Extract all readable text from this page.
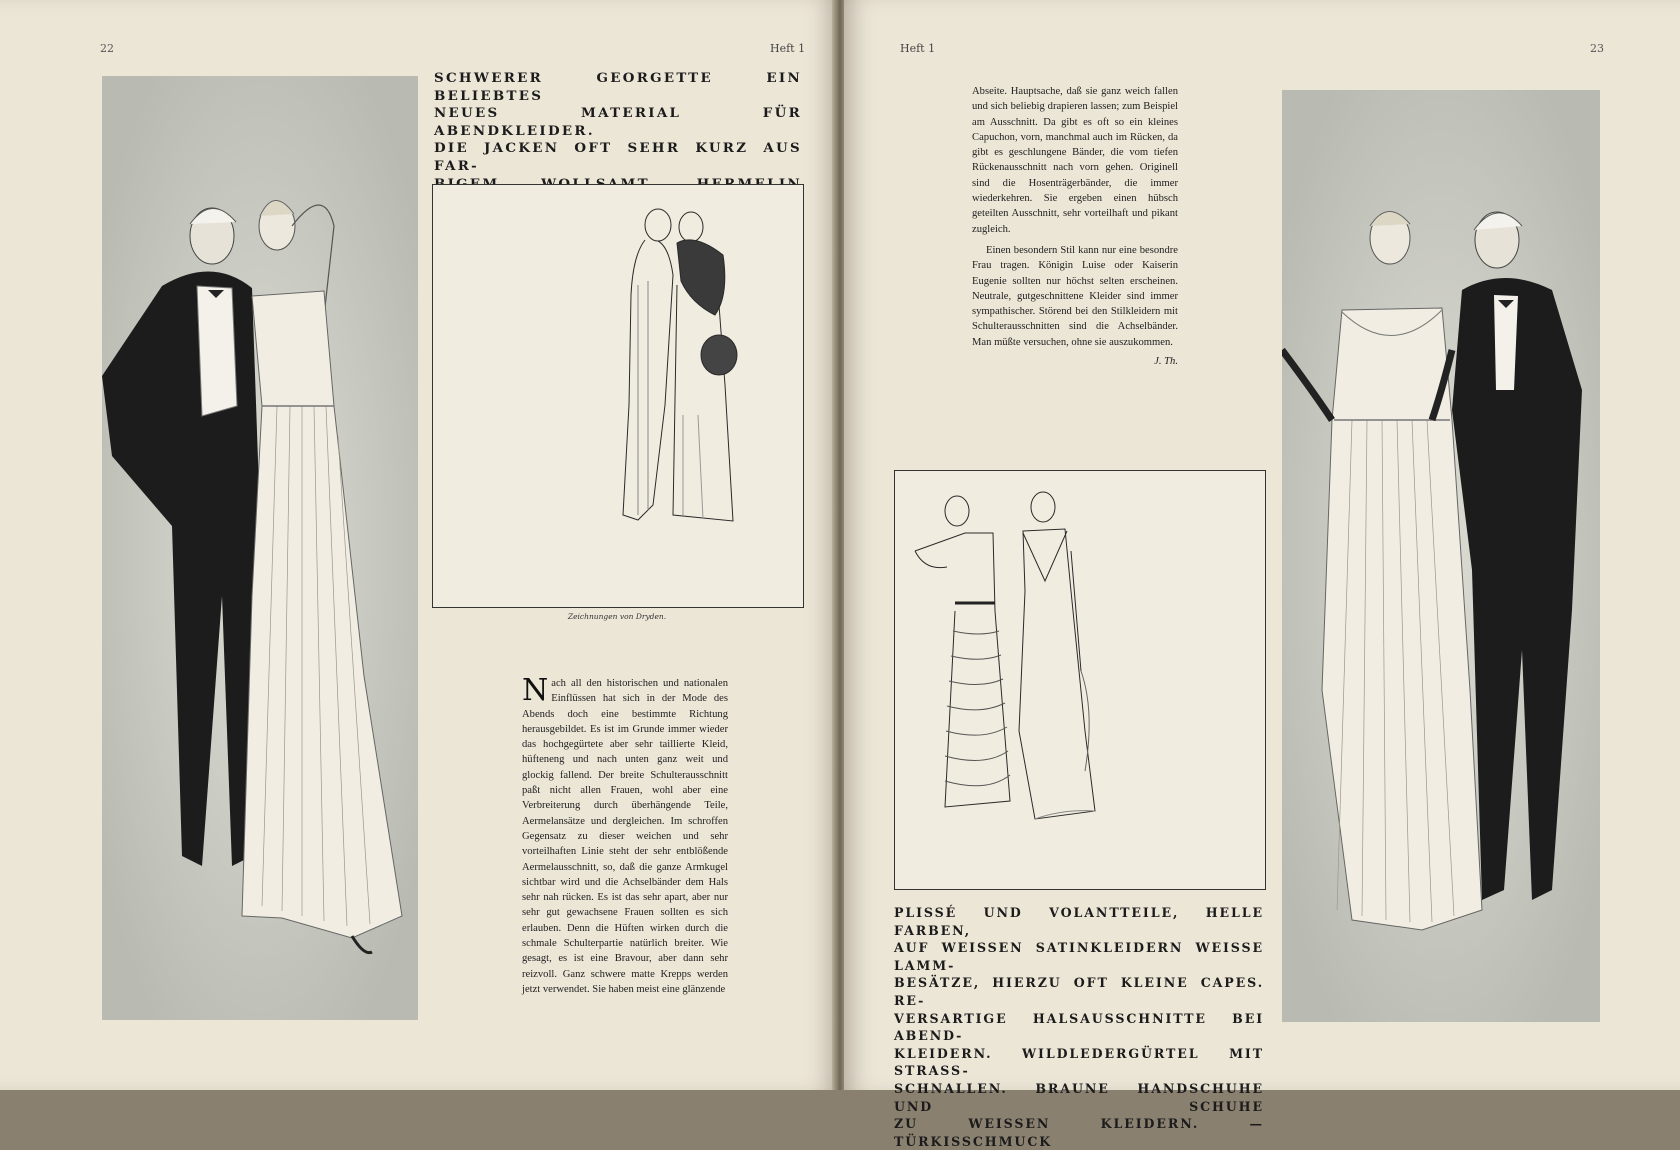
22	Heft 1
SCHWERER GEORGETTE EIN BELIEBTES
NEUES MATERIAL FÜR ABENDKLEIDER.
DIE JACKEN OFT SEHR KURZ AUS FAR-
Zeichnungen von Dryden.

Nach all den historischen und nationalen Einflüssen hat sich in der Mode des Abends doch eine bestimmte Richtung herausgebildet. Es ist im Grunde immer wieder das hochgegürtete aber sehr taillierte Kleid, hüfteneng und nach unten ganz weit und glockig fallend. Der breite Schulterausschnitt paßt nicht allen Frauen, wohl aber eine Verbreiterung durch überhängende Teile, Aermelansätze und dergleichen. Im schroffen Gegensatz zu dieser weichen und sehr vorteilhaften Linie steht der sehr entblößende Aermelausschnitt, so, daß die ganze Armkugel sichtbar wird und die Achselbänder dem Hals sehr nah rücken. Es ist das sehr apart, aber nur sehr gut gewachsene Frauen sollten es sich erlauben. Denn die Hüften wirken durch die schmale Schulterpartie natürlich breiter. Wie gesagt, es ist eine Bravour, aber dann sehr reizvoll. Ganz schwere matte Krepps werden jetzt verwendet. Sie haben meist eine glänzende

Heft 1	23

Abseite. Hauptsache, daß sie ganz weich fallen und sich beliebig drapieren lassen; zum Beispiel am Ausschnitt. Da gibt es oft so ein kleines Capuchon, vorn, manchmal auch im Rücken, da gibt es geschlungene Bänder, die vom tiefen Rückenausschnitt nach vorn gehen. Originell sind die Hosenträgerbänder, die immer wiederkehren. Sie ergeben einen hübsch geteilten Ausschnitt, sehr vorteilhaft und pikant zugleich.

Einen besondern Stil kann nur eine besondre Frau tragen. Königin Luise oder Kaiserin Eugenie sollten nur höchst selten erscheinen. Neutrale, gutgeschnittene Kleider sind immer sympathischer. Störend bei den Stilkleidern mit Schulterausschnitten sind die Achselbänder. Man müßte versuchen, ohne sie auszukommen.

J. Th.
PLISSÉ UND VOLANTTEILE, HELLE FARBEN,
AUF WEISSEN SATINKLEIDERN WEISSE LAMM-
BESÄTZE, HIERZU OFT KLEINE CAPES. RE-
VERSARTIGE HALSAUSSCHNITTE BEI ABEND-
KLEIDERN. WILDLEDERGÜRTEL MIT STRASS-
SCHNALLEN. BRAUNE HANDSCHUHE UND SCHUHE
ZU WEISSEN KLEIDERN. — TÜRKISSCHMUCK
